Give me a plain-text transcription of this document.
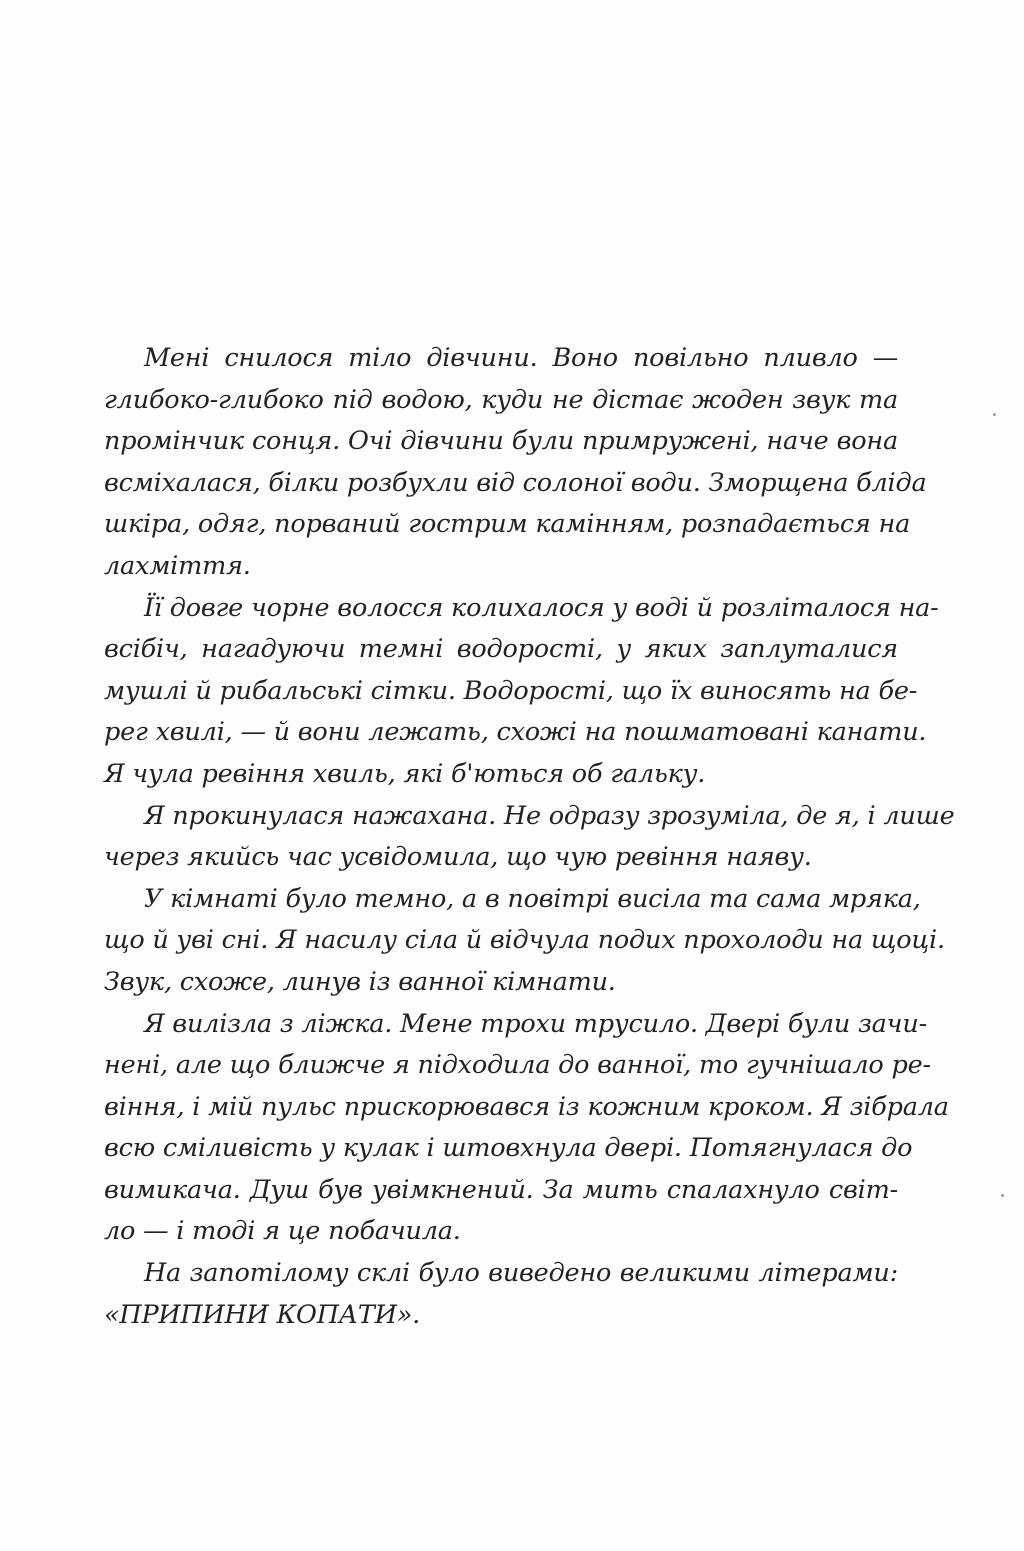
Мені снилося тіло дівчини. Воно повільно пливло —
глибоко-глибоко під водою, куди не дістає жоден звук та
промінчик сонця. Очі дівчини були примружені, наче вона
всміхалася, білки розбухли від солоної води. Зморщена бліда
шкіра, одяг, порваний гострим камінням, розпадається на
лахміття.

Її довге чорне волосся колихалося у воді й розліталося на-
всібіч, нагадуючи темні водорості, у яких заплуталися
мушлі й рибальські сітки. Водорості, що їх виносять на бе-
рег хвилі, — й вони лежать, схожі на пошматовані канати.
Я чула ревіння хвиль, які б'ються об гальку.

Я прокинулася нажахана. Не одразу зрозуміла, де я, і лише
через якийсь час усвідомила, що чую ревіння наяву.

У кімнаті було темно, а в повітрі висіла та сама мряка,
що й уві сні. Я насилу сіла й відчула подих прохолоди на щоці.
Звук, схоже, линув із ванної кімнати.

Я вилізла з ліжка. Мене трохи трусило. Двері були зачи-
нені, але що ближче я підходила до ванної, то гучнішало ре-
віння, і мій пульс прискорювався із кожним кроком. Я зібрала
всю сміливість у кулак і штовхнула двері. Потягнулася до
вимикача. Душ був увімкнений. За мить спалахнуло світ-
ло — і тоді я це побачила.

На запотілому склі було виведено великими літерами:
«ПРИПИНИ КОПАТИ».
